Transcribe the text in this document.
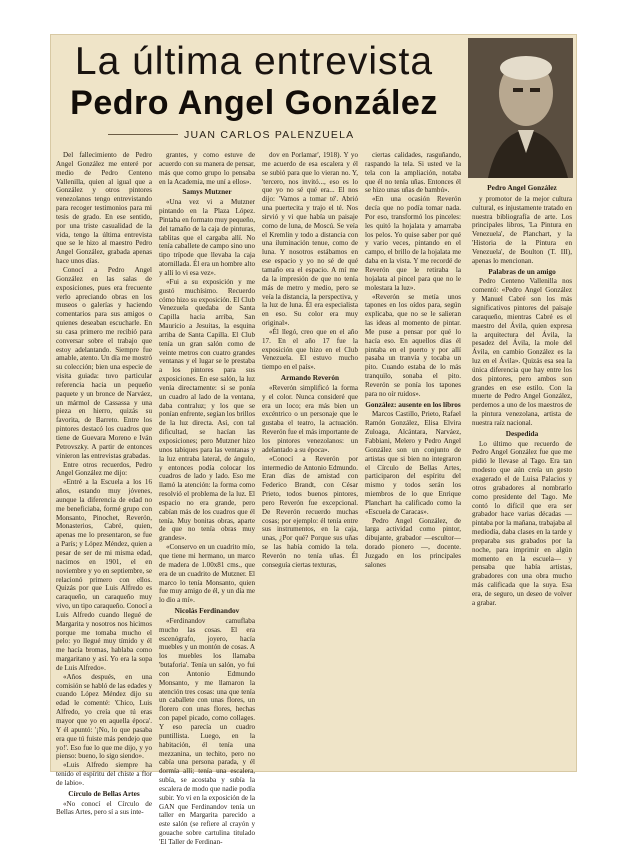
La última entrevista
Pedro Angel González
JUAN CARLOS PALENZUELA

Del fallecimiento de Pedro Angel González me enteré por medio de Pedro Centeno Vallenilla, quien al igual que a González y otros pintores venezolanos tengo entrevistando para recoger testimonios para mi tesis de grado. En ese sentido, por una triste casualidad de la vida, tengo la última entrevista que se le hizo al maestro Pedro Angel González, grabada apenas hace unos días.

Conocí a Pedro Angel González en las salas de exposiciones, pues era frecuente verlo apreciando obras en los museos o galerías y haciendo comentarios para sus amigos o quienes deseaban escucharle. En su casa primero me recibió para conversar sobre el trabajo que estoy adelantando. Siempre fue amable, atento. Un día me mostró su colección; bien una especie de visita guiada: tuvo particular referencia hacia un pequeño paquete y un bronce de Narváez, un mármol de Cassassa y una pieza en hierro, quizás su favorita, de Barreto. Entre los pintores destacó los cuadros que tiene de Guevara Moreno e Iván Petrovszky. A partir de entonces vinieron las entrevistas grabadas.

Entre otros recuerdos, Pedro Angel González me dijo:

«Entré a la Escuela a los 16 años, estando muy jóvenes, aunque la diferencia de edad no me beneficiaba, formé grupo con Monsanto, Pinochet, Reverón, Monasterios, Cabré, quien, apenas me lo presentaron, se fue a París; y López Méndez, quien a pesar de ser de mi misma edad, nacimos en 1901, el en noviembre y yo en septiembre, se relacionó primero con ellos. Quizás por que Luis Alfredo es caraqueño, un caraqueño muy vivo, un tipo caraqueño. Conocí a Luis Alfredo cuando llegué de Margarita y nosotros nos hicimos porque me tomaba mucho el pelo: yo llegué muy tímido y él me hacía bromas, hablaba como margaritano y así. Yo era la sopa de Luis Alfredo».

«Años después, en una comisión se habló de las edades y cuando López Méndez dijo su edad le comenté: 'Chico, Luis Alfredo, yo creía que tú eras mayor que yo en aquella época'. Y él apuntó: '¡No, lo que pasaba era que tú fuiste más pendejo que yo!'. Eso fue lo que me dijo, y yo pienso: bueno, lo sigo siendo».

«Luis Alfredo siempre ha tenido el espíritu del chiste a flor de labio».

Círculo de Bellas Artes

«No conocí el Círculo de Bellas Artes, pero sí a sus inte-

grantes, y como estuve de acuerdo con su manera de pensar, más que como grupo lo pensaba en la Academia, me uní a ellos».

Samys Mutzner

«Una vez vi a Mutzner pintando en la Plaza López. Pintaba en formato muy pequeño, del tamaño de la caja de pinturas, tablitas que el cargaba allí. No tenía caballete de campo sino uno tipo trípode que llevaba la caja atornillada. Él era un hombre alto y allí lo vi esa vez».

«Fui a su exposición y me gustó muchísimo. Recuerdo cómo hizo su exposición. El Club Venezuela quedaba de Santa Capilla hacia arriba, San Mauricio a Jesuitas, la esquina arriba de Santa Capilla. El Club tenía un gran salón como de veinte metros con cuatro grandes ventanas y el lugar se le prestaba a los pintores para sus exposiciones. En ese salón, la luz venía directamente: si se ponía un cuadro al lado de la ventana, daba contraluz; y los que se ponían enfrente, segían los brillos de la luz directa. Así, con tal dificultad, se hacían las exposiciones; pero Mutzner hizo unos tabiques para las ventanas y la luz entraba lateral, de ángulo, y entonces podía colocar los cuadros de lado y lado. Eso me llamó la atención: la forma como resolvió el problema de la luz. El espacio no era grande, pero cabían más de los cuadros que él tenía. Muy bonitas obras, aparte de que no tenía obras muy grandes».

«Conservo en un cuadrito mío, que tiene mi hermano, un marco de madera de 1.00x81 cms., que era de un cuadrito de Mutzner. El marco lo tenía Monsanto, quien fue muy amigo de él, y un día me lo dio a mí».

Nicolás Ferdinandov

«Ferdinandov camuflaba mucho las cosas. El era escenógrafo, joyero, hacía muebles y un montón de cosas. A los muebles los llamaba 'butaforia'. Tenía un salón, yo fui con Antonio Edmundo Monsanto, y me llamaron la atención tres cosas: una que tenía un caballete con unas flores, un florero con unas flores, hechas con papel picado, como collages. Y eso parecía un cuadro puntillista. Luego, en la habitación, él tenía una mezzanina, un techito, pero no cabía una persona parada, y él dormía allí; tenía una escalera, subía, se acostaba y subía la escalera de modo que nadie podía subir. Yo vi en la exposición de la GAN que Ferdinandov tenía un taller en Margarita parecido a este salón (se refiere al crayón y gouache sobre cartulina titulado 'El Taller de Ferdinan-

dov en Porlamar', 1918). Y yo me acuerdo de esa escalera y él se subió para que lo vieran no. Y, 'tercero, nos invitó..., eso es lo que yo no sé qué era... El nos dijo: 'Vamos a tomar té'. Abrió una puertecita y trajo el té. Nos sirvió y vi que había un paisaje como de luna, de Moscú. Se veía el Kremlin y todo a distancia con una iluminación tenue, como de luna. Y nosotros estábamos en ese espacio y yo no sé de qué tamaño era el espacio. A mí me da la impresión de que no tenía más de metro y medio, pero se veía la distancia, la perspectiva, y la luz de luna. Él era especialista en eso. Su color era muy original».

«Él llegó, creo que en el año 17. En el año 17 fue la exposición que hizo en el Club Venezuela. El estuvo mucho tiempo en el país».

Armando Reverón

«Reverón simplificó la forma y el color. Nunca consideré que era un loco; era más bien un excéntrico o un personaje que le gustaba el teatro, la actuación. Reverón fue el más importante de los pintores venezolanos: un adelantado a su época».

«Conocí a Reverón por intermedio de Antonio Edmundo. Eran días de amistad con Federico Brandt, con César Prieto, todos buenos pintores, pero Reverón fue excepcional. De Reverón recuerdo muchas cosas; por ejemplo: él tenía entre sus instrumentos, en la caja, unas, ¿Por qué? Porque sus uñas se las había comido la tela. Reverón no tenía uñas. Él conseguía ciertas texturas,

ciertas calidades, rasguñando, raspando la tela. Si usted ve la tela con la ampliación, notaba que él no tenía uñas. Entonces él se hizo unas uñas de bambú».

«En una ocasión Reverón decía que no podía tomar nada. Por eso, transformó los pinceles: les quitó la hojalata y amarraba los pelos. Yo quise saber por qué y vario veces, pintando en el campo, el brillo de la hojalata me daba en la vista. Y me recordé de Reverón que le retiraba la hojalata al pincel para que no le molestara la luz».

«Reverón se metía unos tapones en los oídos para, según explicaba, que no se le salieran las ideas al momento de pintar. Me puse a pensar por qué lo hacía eso. En aquellos días él pintaba en el puerto y por allí pasaba un tranvía y tocaba un pito. Cuando estaba de lo más tranquilo, sonaba el pito. Reverón se ponía los tapones para no oír ruidos».

González: ausente en los libros

Marcos Castillo, Prieto, Rafael Ramón González, Elisa Elvira Zuloaga, Alcántara, Narváez, Fabbiani, Melero y Pedro Angel González son un conjunto de artistas que si bien no integraron el Círculo de Bellas Artes, participaron del espíritu del mismo y todos serán los miembros de lo que Enrique Planchart ha calificado como la «Escuela de Caracas».

Pedro Angel González, de larga actividad como pintor, dibujante, grabador —escultor— dorado pionero —, docente. Juzgado en los principales salones

Pedro Angel González

y promotor de la mejor cultura cultural, es injustamente tratado en nuestra bibliografía de arte. Los principales libros, 'La Pintura en Venezuela', de Planchart, y la 'Historia de la Pintura en Venezuela', de Boulton (T. III), apenas lo mencionan.

Palabras de un amigo

Pedro Centeno Vallenilla nos comentó: «Pedro Angel González y Manuel Cabré son los más significativos pintores del paisaje caraqueño, mientras Cabré es el maestro del Ávila, quien expresa la arquitectura del Ávila, la pesadez del Ávila, la mole del Ávila, en cambio González es la luz en el Ávila». Quizás esa sea la única diferencia que hay entre los dos pintores, pero ambos son grandes en ese estilo. Con la muerte de Pedro Angel González, perdemos a uno de los maestros de la pintura venezolana, artista de nuestra raíz nacional.

Despedida

Lo último que recuerdo de Pedro Angel González fue que me pidió le llevase al Tago. Era tan modesto que aún creía un gesto exagerado el de Luisa Palacios y otros grabadores al nombrarlo como presidente del Tago. Me contó lo difícil que era ser grabador hace varias décadas —pintaba por la mañana, trabajaba al mediodía, daba clases en la tarde y preparaba sus grabados por la noche, para imprimir en algún momento en la escuela— y pensaba que había artistas, grabadores con una obra mucho más calificada que la suya. Esa era, de seguro, un deseo de volver a grabar.
